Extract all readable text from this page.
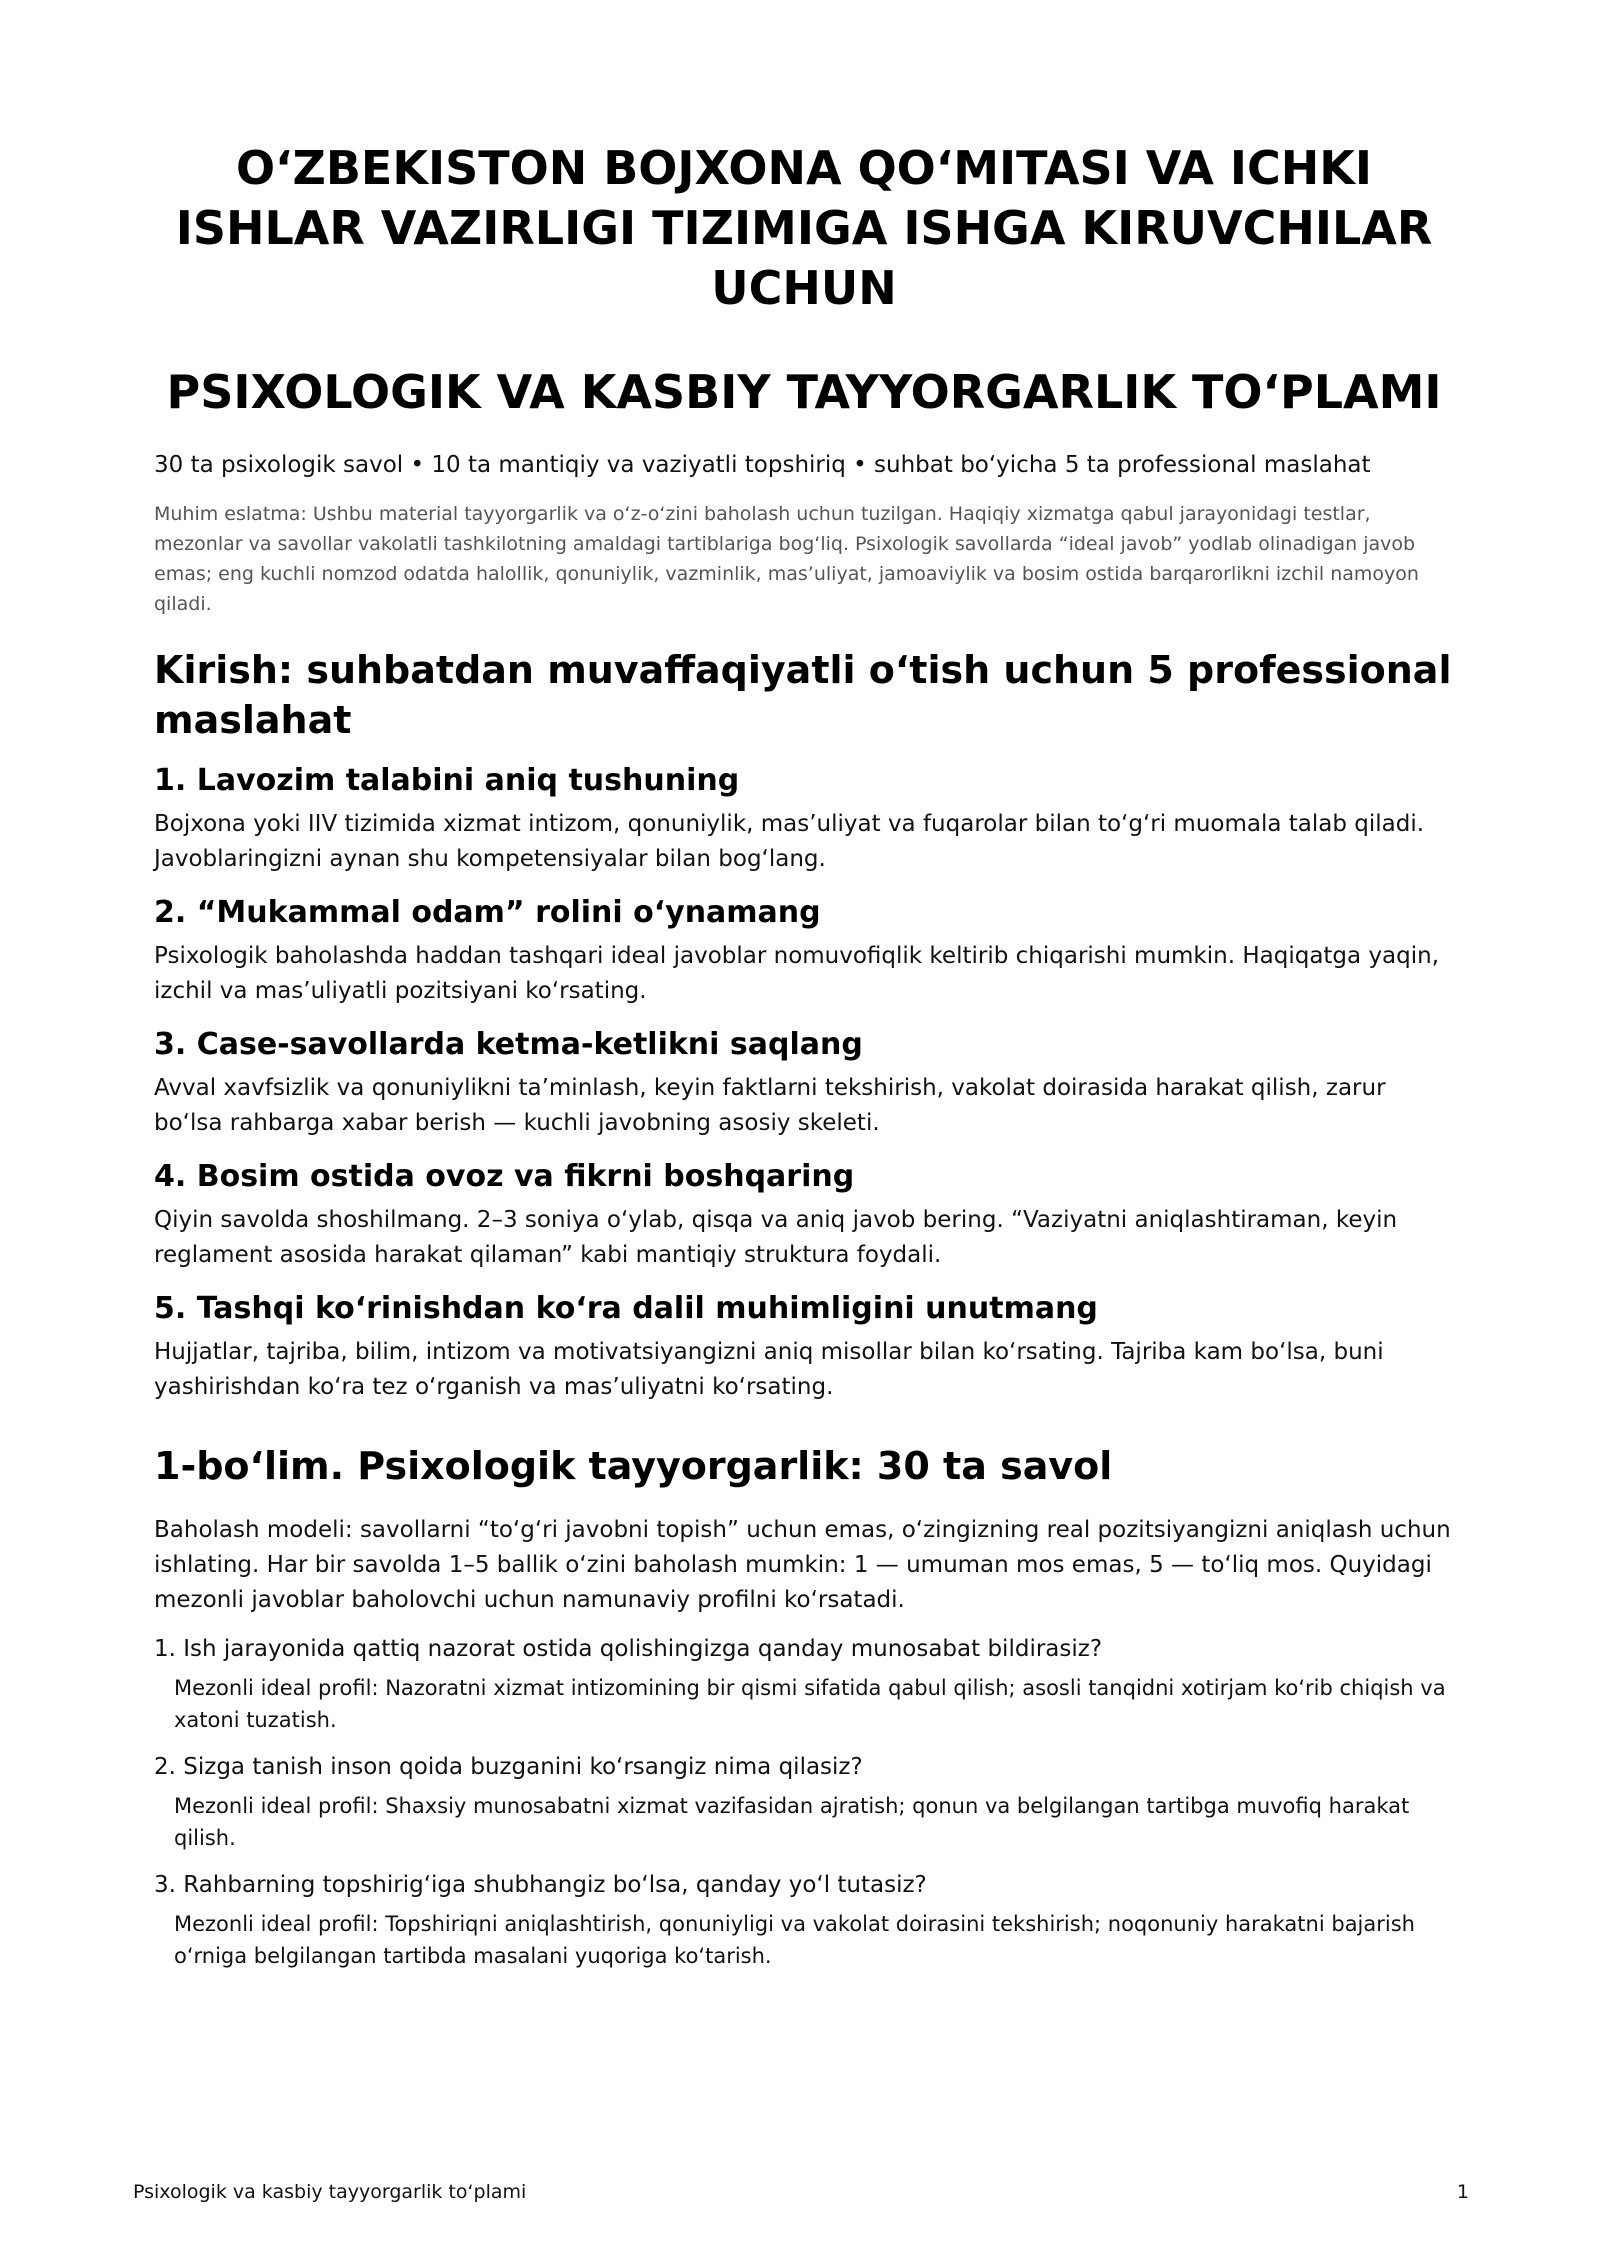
O‘ZBEKISTON BOJXONA QO‘MITASI VA ICHKI ISHLAR VAZIRLIGI TIZIMIGA ISHGA KIRUVCHILAR UCHUN
PSIXOLOGIK VA KASBIY TAYYORGARLIK TO‘PLAMI

30 ta psixologik savol • 10 ta mantiqiy va vaziyatli topshiriq • suhbat bo‘yicha 5 ta professional maslahat

Muhim eslatma: Ushbu material tayyorgarlik va o‘z-o‘zini baholash uchun tuzilgan. Haqiqiy xizmatga qabul jarayonidagi testlar, mezonlar va savollar vakolatli tashkilotning amaldagi tartiblariga bog‘liq. Psixologik savollarda “ideal javob” yodlab olinadigan javob emas; eng kuchli nomzod odatda halollik, qonuniylik, vazminlik, mas’uliyat, jamoaviylik va bosim ostida barqarorlikni izchil namoyon qiladi.

Kirish: suhbatdan muvaffaqiyatli o‘tish uchun 5 professional maslahat
1. Lavozim talabini aniq tushuning

Bojxona yoki IIV tizimida xizmat intizom, qonuniylik, mas’uliyat va fuqarolar bilan to‘g‘ri muomala talab qiladi. Javoblaringizni aynan shu kompetensiyalar bilan bog‘lang.

2. “Mukammal odam” rolini o‘ynamang

Psixologik baholashda haddan tashqari ideal javoblar nomuvofiqlik keltirib chiqarishi mumkin. Haqiqatga yaqin, izchil va mas’uliyatli pozitsiyani ko‘rsating.

3. Case-savollarda ketma-ketlikni saqlang

Avval xavfsizlik va qonuniylikni ta’minlash, keyin faktlarni tekshirish, vakolat doirasida harakat qilish, zarur bo‘lsa rahbarga xabar berish — kuchli javobning asosiy skeleti.

4. Bosim ostida ovoz va fikrni boshqaring

Qiyin savolda shoshilmang. 2–3 soniya o‘ylab, qisqa va aniq javob bering. “Vaziyatni aniqlashtiraman, keyin reglament asosida harakat qilaman” kabi mantiqiy struktura foydali.

5. Tashqi ko‘rinishdan ko‘ra dalil muhimligini unutmang

Hujjatlar, tajriba, bilim, intizom va motivatsiyangizni aniq misollar bilan ko‘rsating. Tajriba kam bo‘lsa, buni yashirishdan ko‘ra tez o‘rganish va mas’uliyatni ko‘rsating.

1-bo‘lim. Psixologik tayyorgarlik: 30 ta savol

Baholash modeli: savollarni “to‘g‘ri javobni topish” uchun emas, o‘zingizning real pozitsiyangizni aniqlash uchun ishlating. Har bir savolda 1–5 ballik o‘zini baholash mumkin: 1 — umuman mos emas, 5 — to‘liq mos. Quyidagi mezonli javoblar baholovchi uchun namunaviy profilni ko‘rsatadi.

1. Ish jarayonida qattiq nazorat ostida qolishingizga qanday munosabat bildirasiz?

Mezonli ideal profil: Nazoratni xizmat intizomining bir qismi sifatida qabul qilish; asosli tanqidni xotirjam ko‘rib chiqish va xatoni tuzatish.

2. Sizga tanish inson qoida buzganini ko‘rsangiz nima qilasiz?

Mezonli ideal profil: Shaxsiy munosabatni xizmat vazifasidan ajratish; qonun va belgilangan tartibga muvofiq harakat qilish.

3. Rahbarning topshirig‘iga shubhangiz bo‘lsa, qanday yo‘l tutasiz?

Mezonli ideal profil: Topshiriqni aniqlashtirish, qonuniyligi va vakolat doirasini tekshirish; noqonuniy harakatni bajarish o‘rniga belgilangan tartibda masalani yuqoriga ko‘tarish.

Psixologik va kasbiy tayyorgarlik to‘plami	1
